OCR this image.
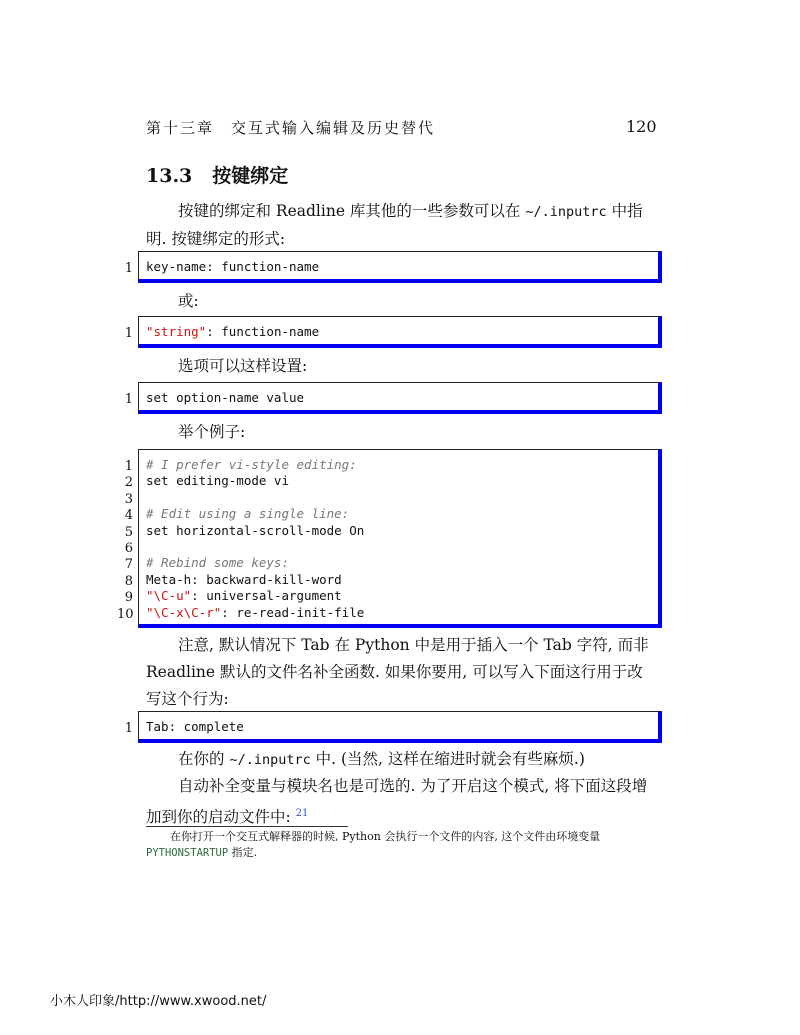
第十三章　交互式输入编辑及历史替代	120
13.3 按键绑定
按键的绑定和 Readline 库其他的一些参数可以在 ~/.inputrc 中指明. 按键绑定的形式:
1 key-name: function-name
或:
1 "string": function-name
选项可以这样设置:
1 set option-name value
举个例子:
1 # I prefer vi-style editing:
2 set editing-mode vi
3
4 # Edit using a single line:
5 set horizontal-scroll-mode On
6
7 # Rebind some keys:
8 Meta-h: backward-kill-word
9 "\C-u": universal-argument
10 "\C-x\C-r": re-read-init-file
注意, 默认情况下 Tab 在 Python 中是用于插入一个 Tab 字符, 而非 Readline 默认的文件名补全函数. 如果你要用, 可以写入下面这行用于改写这个行为:
1 Tab: complete
在你的 ~/.inputrc 中. (当然, 这样在缩进时就会有些麻烦.)
自动补全变量与模块名也是可选的. 为了开启这个模式, 将下面这段增加到你的启动文件中: $^{21}$
在你打开一个交互式解释器的时候, Python 会执行一个文件的内容, 这个文件由环境变量 PYTHONSTARTUP 指定.
小木人印象/http://www.xwood.net/
